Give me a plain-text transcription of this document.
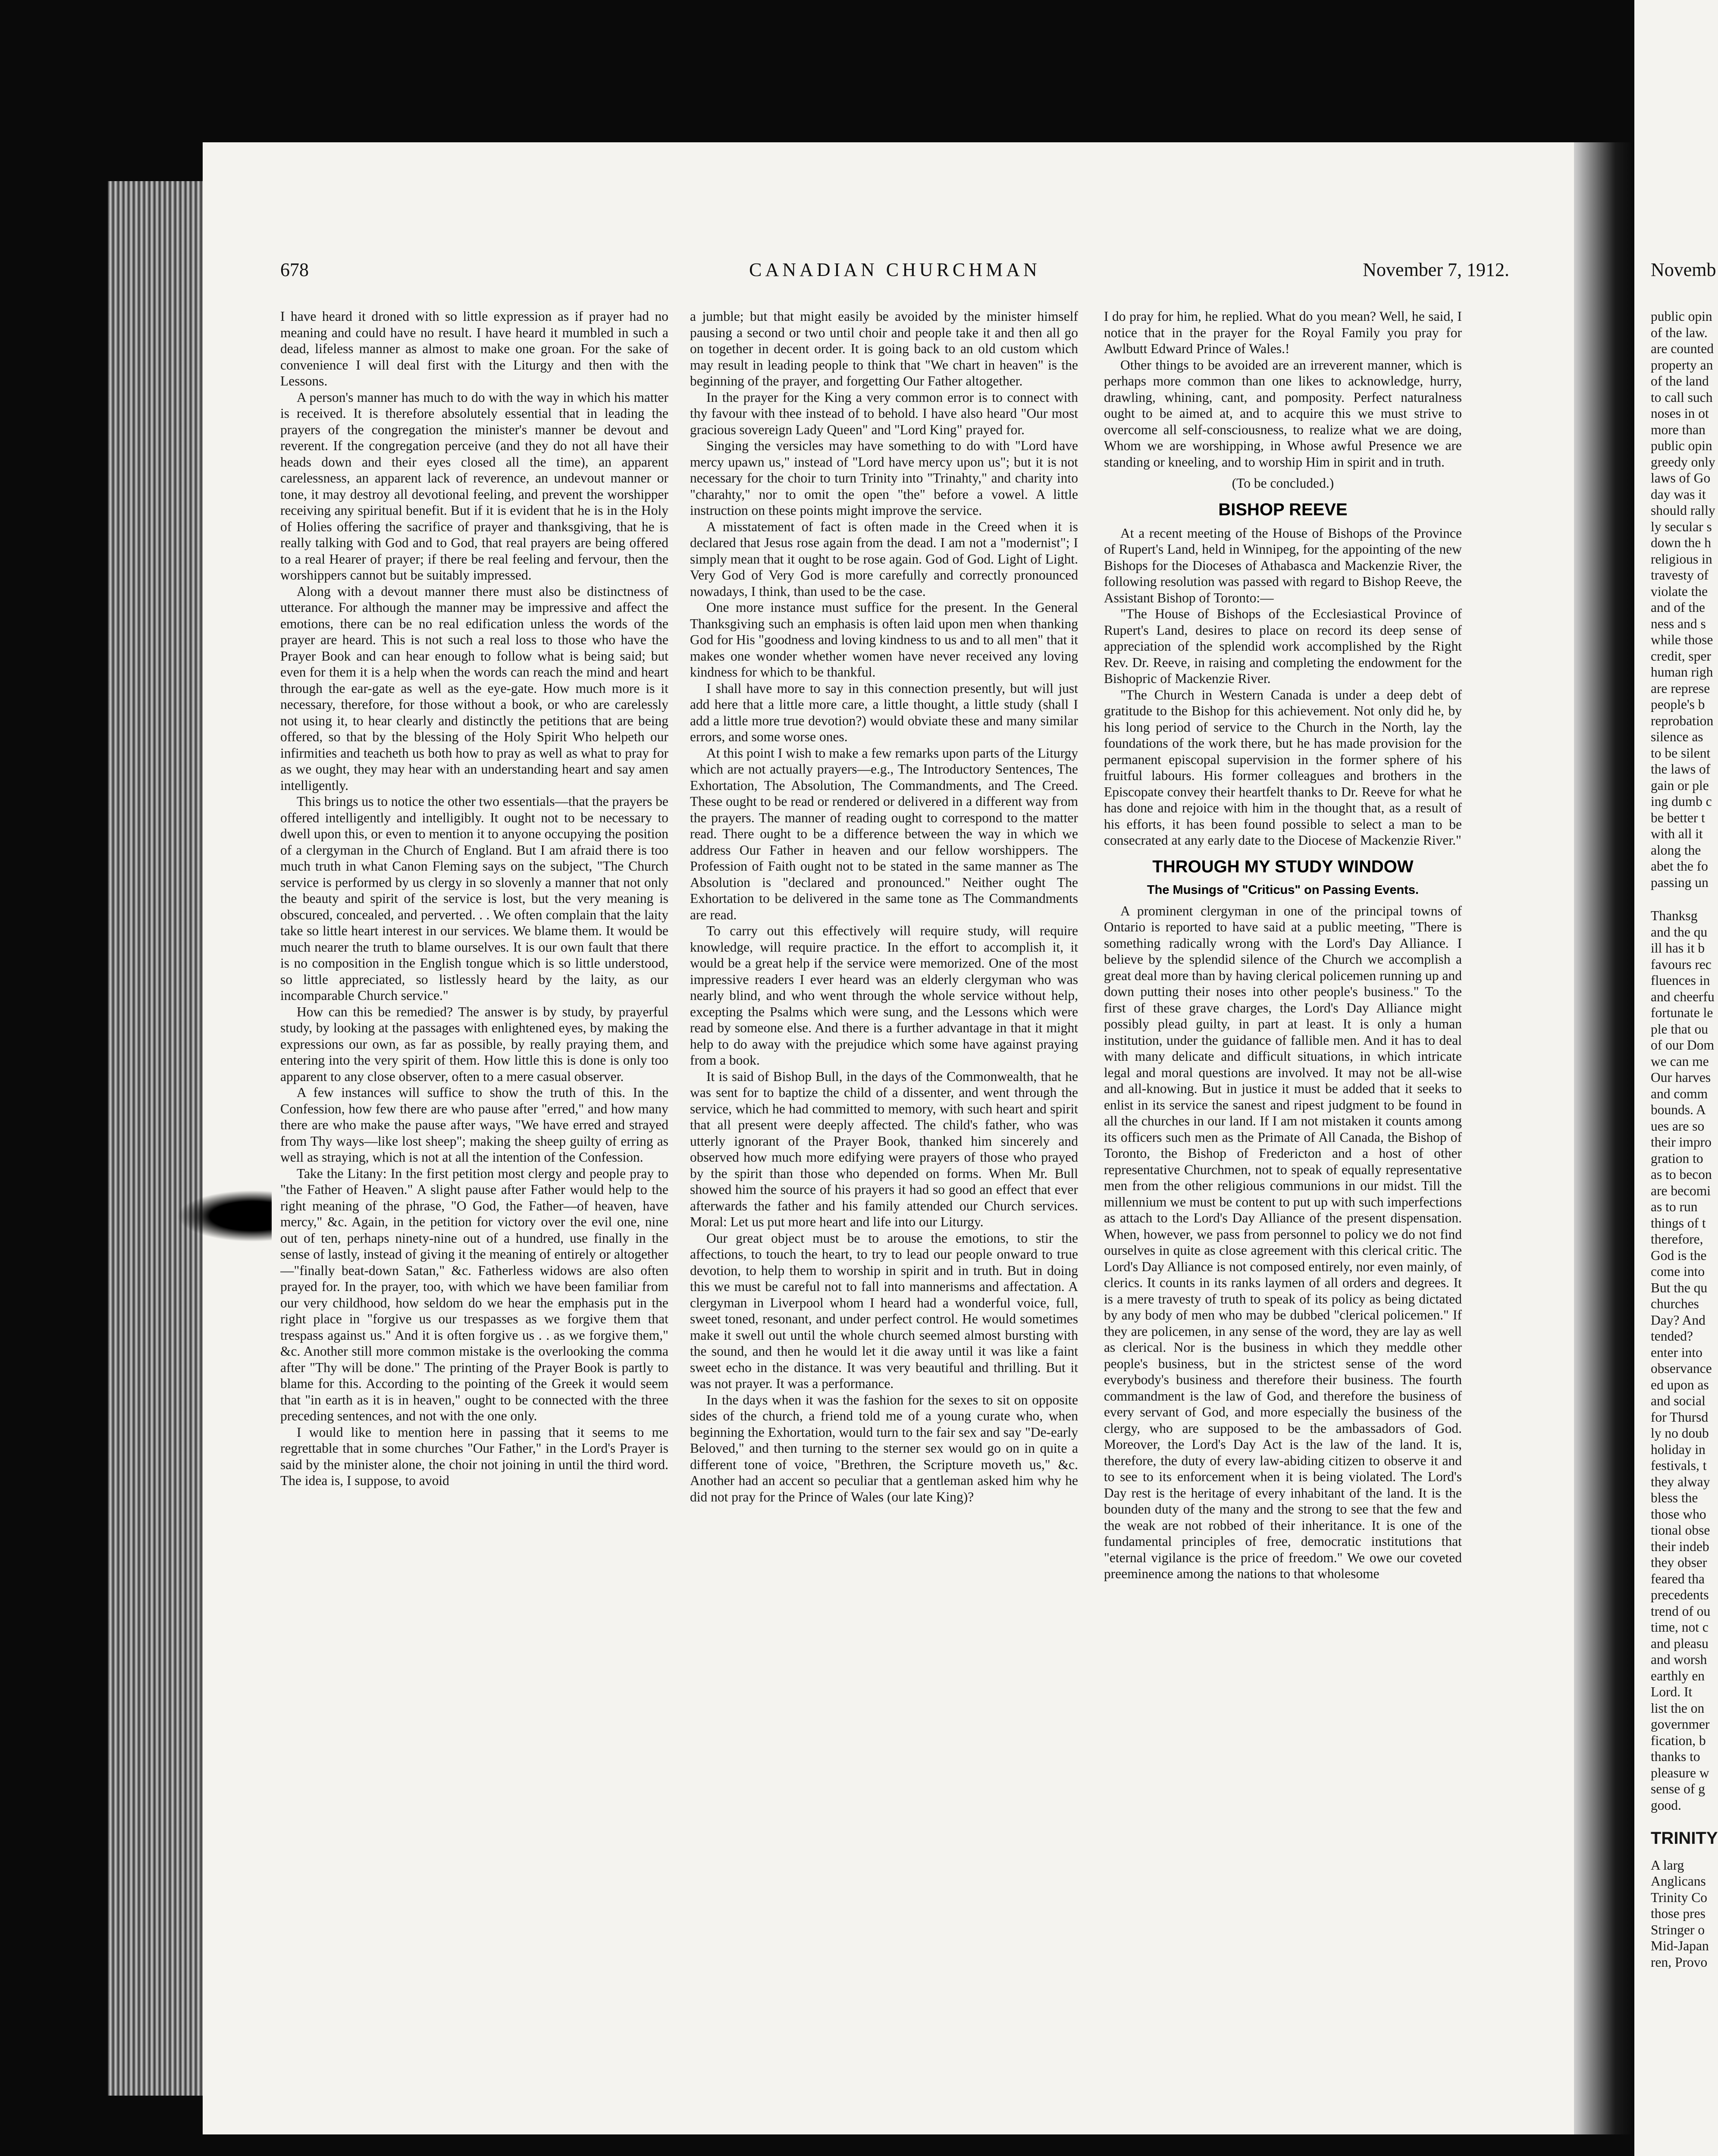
678	CANADIAN CHURCHMAN	November 7, 1912.

I have heard it droned with so little expression as if prayer had no meaning and could have no result. I have heard it mumbled in such a dead, lifeless manner as almost to make one groan. For the sake of convenience I will deal first with the Liturgy and then with the Lessons.

A person's manner has much to do with the way in which his matter is received. It is therefore absolutely essential that in leading the prayers of the congregation the minister's manner be devout and reverent. If the congregation perceive (and they do not all have their heads down and their eyes closed all the time), an apparent carelessness, an apparent lack of reverence, an undevout manner or tone, it may destroy all devotional feeling, and prevent the worshipper receiving any spiritual benefit. But if it is evident that he is in the Holy of Holies offering the sacrifice of prayer and thanksgiving, that he is really talking with God and to God, that real prayers are being offered to a real Hearer of prayer; if there be real feeling and fervour, then the worshippers cannot but be suitably impressed.

Along with a devout manner there must also be distinctness of utterance. For although the manner may be impressive and affect the emotions, there can be no real edification unless the words of the prayer are heard. This is not such a real loss to those who have the Prayer Book and can hear enough to follow what is being said; but even for them it is a help when the words can reach the mind and heart through the ear-gate as well as the eye-gate. How much more is it necessary, therefore, for those without a book, or who are carelessly not using it, to hear clearly and distinctly the petitions that are being offered, so that by the blessing of the Holy Spirit Who helpeth our infirmities and teacheth us both how to pray as well as what to pray for as we ought, they may hear with an understanding heart and say amen intelligently.

This brings us to notice the other two essentials—that the prayers be offered intelligently and intelligibly. It ought not to be necessary to dwell upon this, or even to mention it to anyone occupying the position of a clergyman in the Church of England. But I am afraid there is too much truth in what Canon Fleming says on the subject, "The Church service is performed by us clergy in so slovenly a manner that not only the beauty and spirit of the service is lost, but the very meaning is obscured, concealed, and perverted. . . We often complain that the laity take so little heart interest in our services. We blame them. It would be much nearer the truth to blame ourselves. It is our own fault that there is no composition in the English tongue which is so little understood, so little appreciated, so listlessly heard by the laity, as our incomparable Church service."

How can this be remedied? The answer is by study, by prayerful study, by looking at the passages with enlightened eyes, by making the expressions our own, as far as possible, by really praying them, and entering into the very spirit of them. How little this is done is only too apparent to any close observer, often to a mere casual observer.

A few instances will suffice to show the truth of this. In the Confession, how few there are who pause after "erred," and how many there are who make the pause after ways, "We have erred and strayed from Thy ways—like lost sheep"; making the sheep guilty of erring as well as straying, which is not at all the intention of the Confession.

Take the Litany: In the first petition most clergy and people pray to "the Father of Heaven." A slight pause after Father would help to the right meaning of the phrase, "O God, the Father—of heaven, have mercy," &c. Again, in the petition for victory over the evil one, nine out of ten, perhaps ninety-nine out of a hundred, use finally in the sense of lastly, instead of giving it the meaning of entirely or altogether—"finally beat-down Satan," &c. Fatherless widows are also often prayed for. In the prayer, too, with which we have been familiar from our very childhood, how seldom do we hear the emphasis put in the right place in "forgive us our trespasses as we forgive them that trespass against us." And it is often forgive us . . as we forgive them," &c. Another still more common mistake is the overlooking the comma after "Thy will be done." The printing of the Prayer Book is partly to blame for this. According to the pointing of the Greek it would seem that "in earth as it is in heaven," ought to be connected with the three preceding sentences, and not with the one only.

I would like to mention here in passing that it seems to me regrettable that in some churches "Our Father," in the Lord's Prayer is said by the minister alone, the choir not joining in until the third word. The idea is, I suppose, to avoid

a jumble; but that might easily be avoided by the minister himself pausing a second or two until choir and people take it and then all go on together in decent order. It is going back to an old custom which may result in leading people to think that "We chart in heaven" is the beginning of the prayer, and forgetting Our Father altogether.

In the prayer for the King a very common error is to connect with thy favour with thee instead of to behold. I have also heard "Our most gracious sovereign Lady Queen" and "Lord King" prayed for.

Singing the versicles may have something to do with "Lord have mercy upawn us," instead of "Lord have mercy upon us"; but it is not necessary for the choir to turn Trinity into "Trinahty," and charity into "charahty," nor to omit the open "the" before a vowel. A little instruction on these points might improve the service.

A misstatement of fact is often made in the Creed when it is declared that Jesus rose again from the dead. I am not a "modernist"; I simply mean that it ought to be rose again. God of God. Light of Light. Very God of Very God is more carefully and correctly pronounced nowadays, I think, than used to be the case.

One more instance must suffice for the present. In the General Thanksgiving such an emphasis is often laid upon men when thanking God for His "goodness and loving kindness to us and to all men" that it makes one wonder whether women have never received any loving kindness for which to be thankful.

I shall have more to say in this connection presently, but will just add here that a little more care, a little thought, a little study (shall I add a little more true devotion?) would obviate these and many similar errors, and some worse ones.

At this point I wish to make a few remarks upon parts of the Liturgy which are not actually prayers—e.g., The Introductory Sentences, The Exhortation, The Absolution, The Commandments, and The Creed. These ought to be read or rendered or delivered in a different way from the prayers. The manner of reading ought to correspond to the matter read. There ought to be a difference between the way in which we address Our Father in heaven and our fellow worshippers. The Profession of Faith ought not to be stated in the same manner as The Absolution is "declared and pronounced." Neither ought The Exhortation to be delivered in the same tone as The Commandments are read.

To carry out this effectively will require study, will require knowledge, will require practice. In the effort to accomplish it, it would be a great help if the service were memorized. One of the most impressive readers I ever heard was an elderly clergyman who was nearly blind, and who went through the whole service without help, excepting the Psalms which were sung, and the Lessons which were read by someone else. And there is a further advantage in that it might help to do away with the prejudice which some have against praying from a book.

It is said of Bishop Bull, in the days of the Commonwealth, that he was sent for to baptize the child of a dissenter, and went through the service, which he had committed to memory, with such heart and spirit that all present were deeply affected. The child's father, who was utterly ignorant of the Prayer Book, thanked him sincerely and observed how much more edifying were prayers of those who prayed by the spirit than those who depended on forms. When Mr. Bull showed him the source of his prayers it had so good an effect that ever afterwards the father and his family attended our Church services. Moral: Let us put more heart and life into our Liturgy.

Our great object must be to arouse the emotions, to stir the affections, to touch the heart, to try to lead our people onward to true devotion, to help them to worship in spirit and in truth. But in doing this we must be careful not to fall into mannerisms and affectation. A clergyman in Liverpool whom I heard had a wonderful voice, full, sweet toned, resonant, and under perfect control. He would sometimes make it swell out until the whole church seemed almost bursting with the sound, and then he would let it die away until it was like a faint sweet echo in the distance. It was very beautiful and thrilling. But it was not prayer. It was a performance.

In the days when it was the fashion for the sexes to sit on opposite sides of the church, a friend told me of a young curate who, when beginning the Exhortation, would turn to the fair sex and say "De-early Beloved," and then turning to the sterner sex would go on in quite a different tone of voice, "Brethren, the Scripture moveth us," &c. Another had an accent so peculiar that a gentleman asked him why he did not pray for the Prince of Wales (our late King)?

I do pray for him, he replied. What do you mean? Well, he said, I notice that in the prayer for the Royal Family you pray for Awlbutt Edward Prince of Wales.!

Other things to be avoided are an irreverent manner, which is perhaps more common than one likes to acknowledge, hurry, drawling, whining, cant, and pomposity. Perfect naturalness ought to be aimed at, and to acquire this we must strive to overcome all self-consciousness, to realize what we are doing, Whom we are worshipping, in Whose awful Presence we are standing or kneeling, and to worship Him in spirit and in truth.

(To be concluded.)
BISHOP REEVE

At a recent meeting of the House of Bishops of the Province of Rupert's Land, held in Winnipeg, for the appointing of the new Bishops for the Dioceses of Athabasca and Mackenzie River, the following resolution was passed with regard to Bishop Reeve, the Assistant Bishop of Toronto:—

"The House of Bishops of the Ecclesiastical Province of Rupert's Land, desires to place on record its deep sense of appreciation of the splendid work accomplished by the Right Rev. Dr. Reeve, in raising and completing the endowment for the Bishopric of Mackenzie River.

"The Church in Western Canada is under a deep debt of gratitude to the Bishop for this achievement. Not only did he, by his long period of service to the Church in the North, lay the foundations of the work there, but he has made provision for the permanent episcopal supervision in the former sphere of his fruitful labours. His former colleagues and brothers in the Episcopate convey their heartfelt thanks to Dr. Reeve for what he has done and rejoice with him in the thought that, as a result of his efforts, it has been found possible to select a man to be consecrated at any early date to the Diocese of Mackenzie River."

THROUGH MY STUDY WINDOW
The Musings of "Criticus" on Passing Events.

A prominent clergyman in one of the principal towns of Ontario is reported to have said at a public meeting, "There is something radically wrong with the Lord's Day Alliance. I believe by the splendid silence of the Church we accomplish a great deal more than by having clerical policemen running up and down putting their noses into other people's business." To the first of these grave charges, the Lord's Day Alliance might possibly plead guilty, in part at least. It is only a human institution, under the guidance of fallible men. And it has to deal with many delicate and difficult situations, in which intricate legal and moral questions are involved. It may not be all-wise and all-knowing. But in justice it must be added that it seeks to enlist in its service the sanest and ripest judgment to be found in all the churches in our land. If I am not mistaken it counts among its officers such men as the Primate of All Canada, the Bishop of Toronto, the Bishop of Fredericton and a host of other representative Churchmen, not to speak of equally representative men from the other religious communions in our midst. Till the millennium we must be content to put up with such imperfections as attach to the Lord's Day Alliance of the present dispensation. When, however, we pass from personnel to policy we do not find ourselves in quite as close agreement with this clerical critic. The Lord's Day Alliance is not composed entirely, nor even mainly, of clerics. It counts in its ranks laymen of all orders and degrees. It is a mere travesty of truth to speak of its policy as being dictated by any body of men who may be dubbed "clerical policemen." If they are policemen, in any sense of the word, they are lay as well as clerical. Nor is the business in which they meddle other people's business, but in the strictest sense of the word everybody's business and therefore their business. The fourth commandment is the law of God, and therefore the business of every servant of God, and more especially the business of the clergy, who are supposed to be the ambassadors of God. Moreover, the Lord's Day Act is the law of the land. It is, therefore, the duty of every law-abiding citizen to observe it and to see to its enforcement when it is being violated. The Lord's Day rest is the heritage of every inhabitant of the land. It is the bounden duty of the many and the strong to see that the few and the weak are not robbed of their inheritance. It is one of the fundamental principles of free, democratic institutions that "eternal vigilance is the price of freedom." We owe our coveted preeminence among the nations to that wholesome

Novemb
public opin
of the law.
are counted
property an
of the land
to call such
noses in ot
more than
public opin
greedy only
laws of Go
day was it
should rally
ly secular s
down the h
religious in
travesty of
violate the
and of the
ness and s
while those
credit, sper
human righ
are represe
people's b
reprobation
silence as
to be silent
the laws of
gain or ple
ing dumb c
be better t
with all it
along the
abet the fo
passing un
Thanksg
and the qu
ill has it b
favours rec
fluences in
and cheerfu
fortunate le
ple that ou
of our Dom
we can me
Our harves
and comm
bounds. A
ues are so
their impro
gration to
as to becon
are becomi
as to run
things of t
therefore,
God is the
come into
But the qu
churches
Day? And
tended?
enter into
observance
ed upon as
and social
for Thursd
ly no doub
holiday in
festivals, t
they alway
bless the
those who
tional obse
their indeb
they obser
feared tha
precedents
trend of ou
time, not c
and pleasu
and worsh
earthly en
Lord. It
list the on
governmer
fication, b
thanks to
pleasure w
sense of g
good.
TRINITY
A larg
Anglicans
Trinity Co
those pres
Stringer o
Mid-Japan
ren, Provo
